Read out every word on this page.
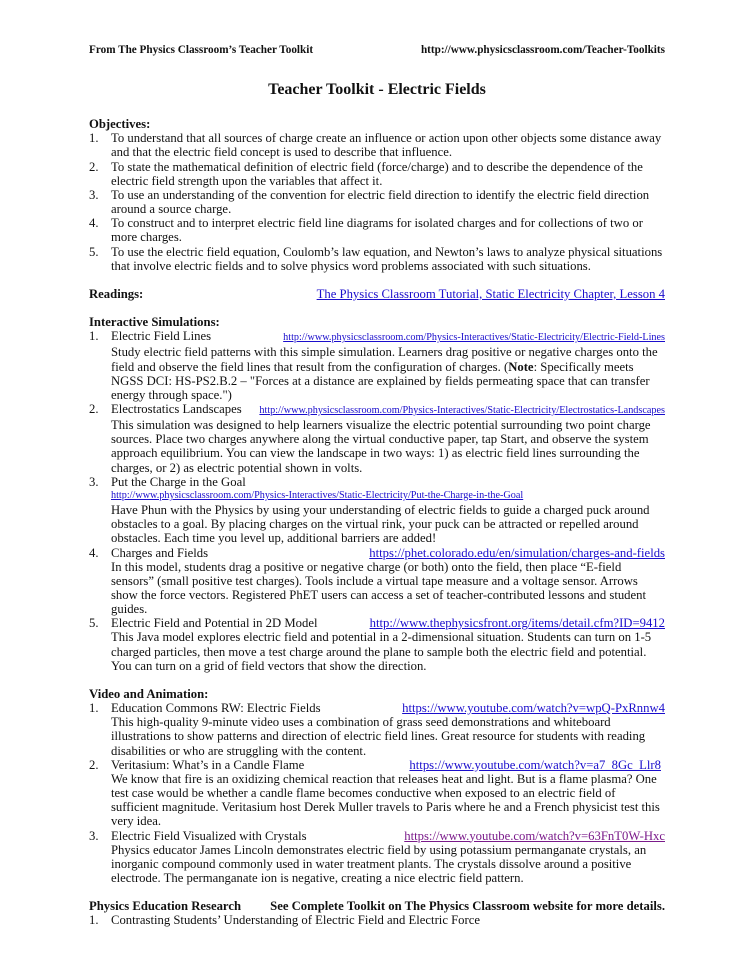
From The Physics Classroom’s Teacher Toolkit	http://www.physicsclassroom.com/Teacher-Toolkits
Teacher Toolkit - Electric Fields
Objectives:
1. To understand that all sources of charge create an influence or action upon other objects some distance away and that the electric field concept is used to describe that influence.
2. To state the mathematical definition of electric field (force/charge) and to describe the dependence of the electric field strength upon the variables that affect it.
3. To use an understanding of the convention for electric field direction to identify the electric field direction around a source charge.
4. To construct and to interpret electric field line diagrams for isolated charges and for collections of two or more charges.
5. To use the electric field equation, Coulomb’s law equation, and Newton’s laws to analyze physical situations that involve electric fields and to solve physics word problems associated with such situations.
Readings:	The Physics Classroom Tutorial, Static Electricity Chapter, Lesson 4
Interactive Simulations:
1. Electric Field Lines	http://www.physicsclassroom.com/Physics-Interactives/Static-Electricity/Electric-Field-Lines
Study electric field patterns with this simple simulation. Learners drag positive or negative charges onto the field and observe the field lines that result from the configuration of charges. (Note: Specifically meets NGSS DCI: HS-PS2.B.2 – "Forces at a distance are explained by fields permeating space that can transfer energy through space.")
2. Electrostatics Landscapes http://www.physicsclassroom.com/Physics-Interactives/Static-Electricity/Electrostatics-Landscapes
This simulation was designed to help learners visualize the electric potential surrounding two point charge sources. Place two charges anywhere along the virtual conductive paper, tap Start, and observe the system approach equilibrium. You can view the landscape in two ways: 1) as electric field lines surrounding the charges, or 2) as electric potential shown in volts.
3. Put the Charge in the Goal
http://www.physicsclassroom.com/Physics-Interactives/Static-Electricity/Put-the-Charge-in-the-Goal
Have Phun with the Physics by using your understanding of electric fields to guide a charged puck around obstacles to a goal. By placing charges on the virtual rink, your puck can be attracted or repelled around obstacles. Each time you level up, additional barriers are added!
4. Charges and Fields	https://phet.colorado.edu/en/simulation/charges-and-fields
In this model, students drag a positive or negative charge (or both) onto the field, then place “E-field sensors” (small positive test charges). Tools include a virtual tape measure and a voltage sensor. Arrows show the force vectors. Registered PhET users can access a set of teacher-contributed lessons and student guides.
5. Electric Field and Potential in 2D Model	http://www.thephysicsfront.org/items/detail.cfm?ID=9412
This Java model explores electric field and potential in a 2-dimensional situation. Students can turn on 1-5 charged particles, then move a test charge around the plane to sample both the electric field and potential. You can turn on a grid of field vectors that show the direction.
Video and Animation:
1. Education Commons RW: Electric Fields	https://www.youtube.com/watch?v=wpQ-PxRnnw4
This high-quality 9-minute video uses a combination of grass seed demonstrations and whiteboard illustrations to show patterns and direction of electric field lines. Great resource for students with reading disabilities or who are struggling with the content.
2. Veritasium: What’s in a Candle Flame	https://www.youtube.com/watch?v=a7_8Gc_Llr8
We know that fire is an oxidizing chemical reaction that releases heat and light. But is a flame plasma? One test case would be whether a candle flame becomes conductive when exposed to an electric field of sufficient magnitude. Veritasium host Derek Muller travels to Paris where he and a French physicist test this very idea.
3. Electric Field Visualized with Crystals	https://www.youtube.com/watch?v=63FnT0W-Hxc
Physics educator James Lincoln demonstrates electric field by using potassium permanganate crystals, an inorganic compound commonly used in water treatment plants. The crystals dissolve around a positive electrode. The permanganate ion is negative, creating a nice electric field pattern.
Physics Education Research See Complete Toolkit on The Physics Classroom website for more details.
1. Contrasting Students’ Understanding of Electric Field and Electric Force
